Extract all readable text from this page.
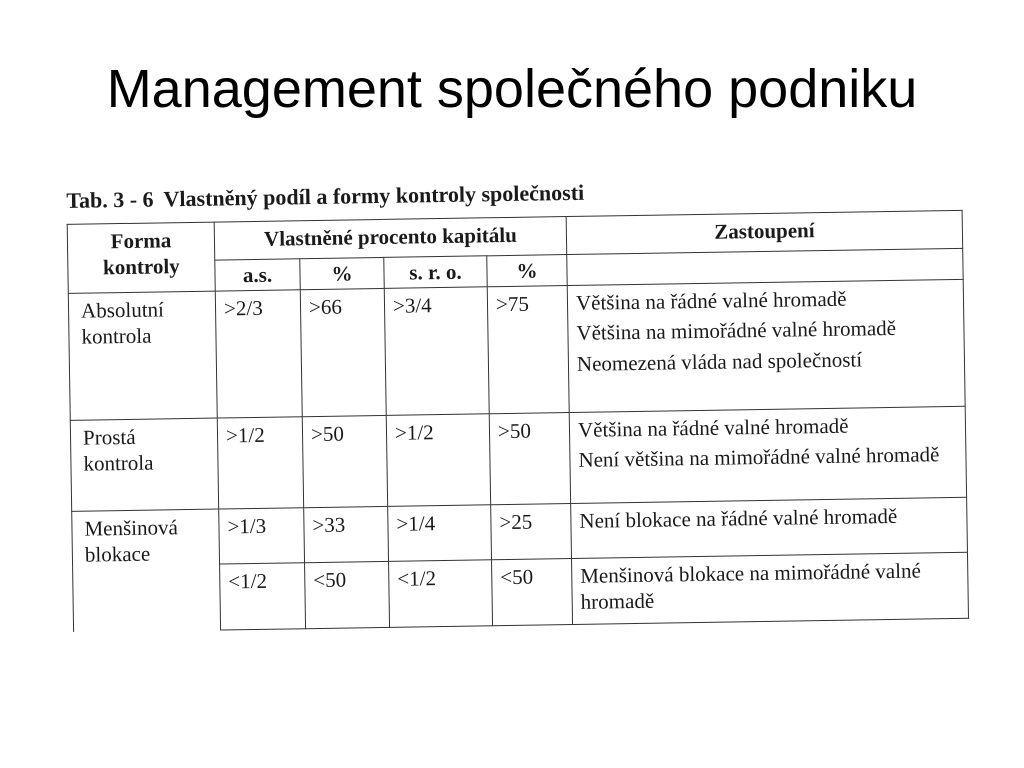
Management společného podniku
Tab. 3 - 6 Vlastněný podíl a formy kontroly společnosti
Forma kontroly	Vlastněné procento kapitálu				Zastoupení
	a.s.	%	s. r. o.	%	
Absolutní kontrola	>2/3	>66	>3/4	>75	Většina na řádné valné hromadě
Většina na mimořádné valné hromadě
Neomezená vláda nad společností

Prostá kontrola	>1/2	>50	>1/2	>50	Většina na řádné valné hromadě
Není většina na mimořádné valné hromadě

Menšinová blokace	>1/3	>33	>1/4	>25	Není blokace na řádné valné hromadě

	<1/2	<50	<1/2	<50	Menšinová blokace na mimořádné valné hromadě
